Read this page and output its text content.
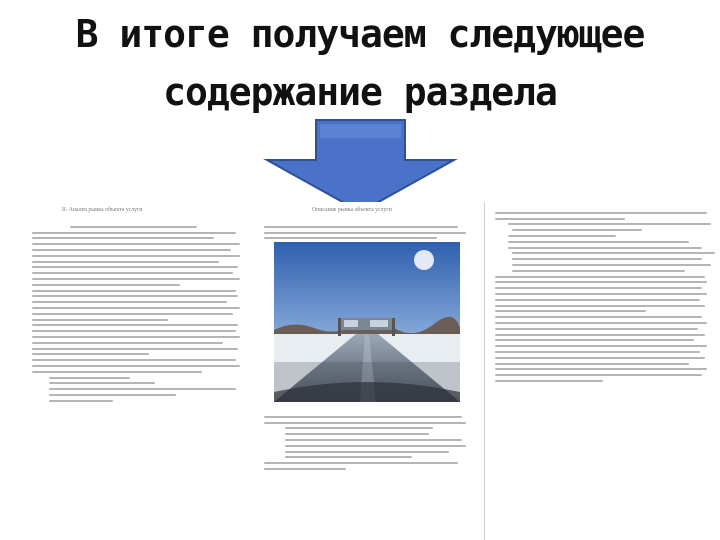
В итоге получаем следующее
содержание раздела
II. Анализ рынка объекта услуги	Описание рынка объекта услуги
